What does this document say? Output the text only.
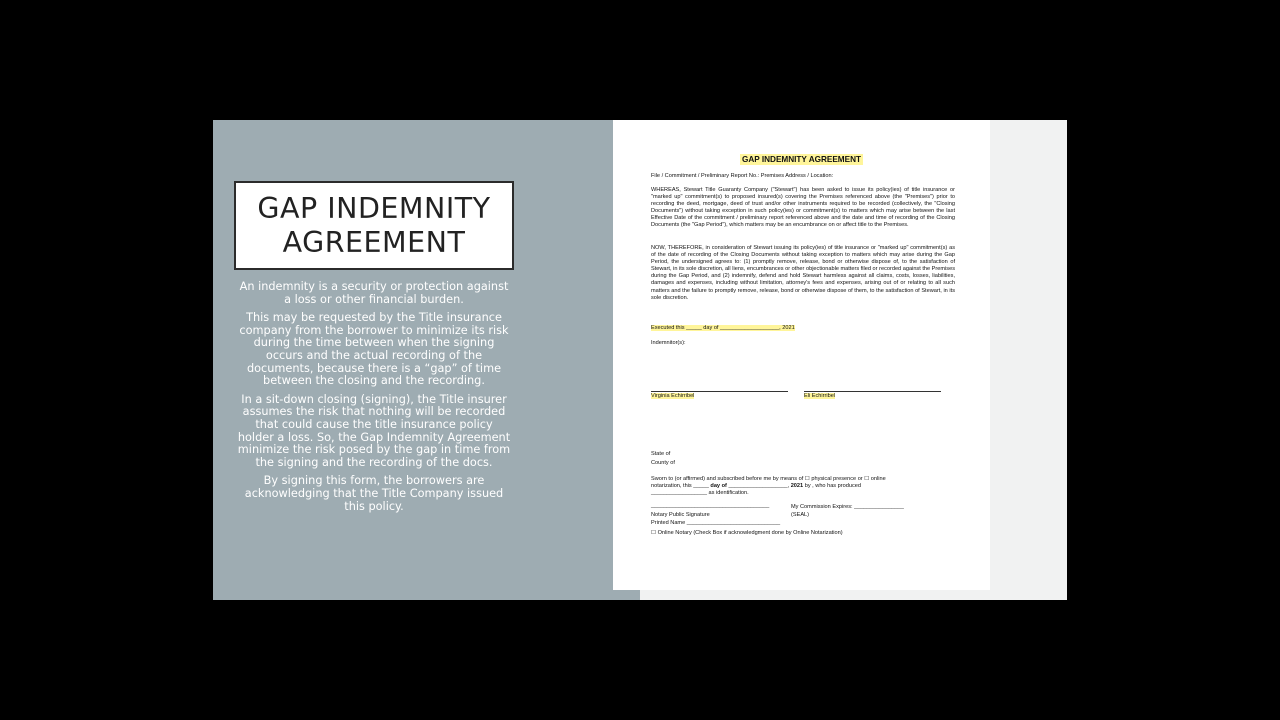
GAP INDEMNITY
AGREEMENT

An indemnity is a security or protection against a loss or other financial burden.

This may be requested by the Title insurance company from the borrower to minimize its risk during the time between when the signing occurs and the actual recording of the documents, because there is a “gap” of time between the closing and the recording.

In a sit-down closing (signing), the Title insurer assumes the risk that nothing will be recorded that could cause the title insurance policy holder a loss. So, the Gap Indemnity Agreement minimize the risk posed by the gap in time from the signing and the recording of the docs.

By signing this form, the borrowers are acknowledging that the Title Company issued this policy.

GAP INDEMNITY AGREEMENT
File / Commitment / Preliminary Report No.: Premises Address / Location:
WHEREAS, Stewart Title Guaranty Company ("Stewart") has been asked to issue its policy(ies) of title insurance or "marked up" commitment(s) to proposed insured(s) covering the Premises referenced above (the "Premises") prior to recording the deed, mortgage, deed of trust and/or other instruments required to be recorded (collectively, the "Closing Documents") without taking exception in such policy(ies) or commitment(s) to matters which may arise between the last Effective Date of the commitment / preliminary report referenced above and the date and time of recording of the Closing Documents (the "Gap Period"), which matters may be an encumbrance on or affect title to the Premises.
NOW, THEREFORE, in consideration of Stewart issuing its policy(ies) of title insurance or "marked up" commitment(s) as of the date of recording of the Closing Documents without taking exception to matters which may arise during the Gap Period, the undersigned agrees to: (1) promptly remove, release, bond or otherwise dispose of, to the satisfaction of Stewart, in its sole discretion, all liens, encumbrances or other objectionable matters filed or recorded against the Premises during the Gap Period, and (2) indemnify, defend and hold Stewart harmless against all claims, costs, losses, liabilities, damages and expenses, including without limitation, attorney's fees and expenses, arising out of or relating to all such matters and the failure to promptly remove, release, bond or otherwise dispose of them, to the satisfaction of Stewart, in its sole discretion.
Executed this _____ day of ___________________, 2021
Indemnitor(s):
Virginia Echirribel	Eli Echirribel
State of
County of
Sworn to (or affirmed) and subscribed before me by means of ☐ physical presence or ☐ online
notarization, this _____ day of ___________________, 2021 by , who has produced
__________________ as identification.
______________________________________	My Commission Expires: ________________
Notary Public Signature	(SEAL)
Printed Name ______________________________
☐ Online Notary (Check Box if acknowledgment done by Online Notarization)
